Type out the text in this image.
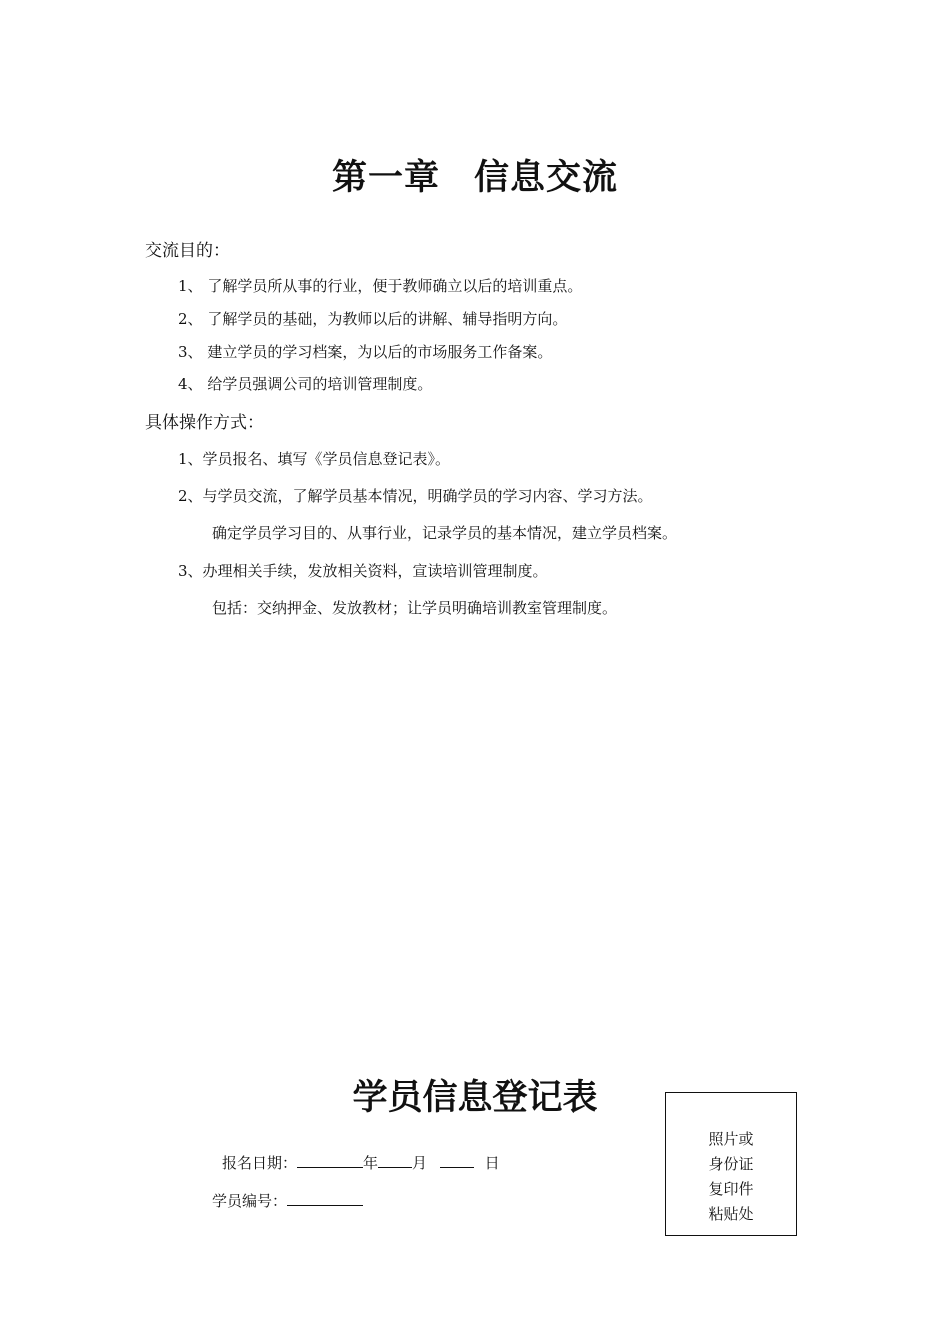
第一章 信息交流
交流目的：
1、 了解学员所从事的行业，便于教师确立以后的培训重点。
2、 了解学员的基础，为教师以后的讲解、辅导指明方向。
3、 建立学员的学习档案，为以后的市场服务工作备案。
4、 给学员强调公司的培训管理制度。
具体操作方式：
1、学员报名、填写《学员信息登记表》。
2、与学员交流，了解学员基本情况，明确学员的学习内容、学习方法。
确定学员学习目的、从事行业，记录学员的基本情况，建立学员档案。
3、办理相关手续，发放相关资料，宣读培训管理制度。
包括：交纳押金、发放教材；让学员明确培训教室管理制度。
学员信息登记表
报名日期：	年 月	日
学员编号：
照片或
身份证
复印件
粘贴处
